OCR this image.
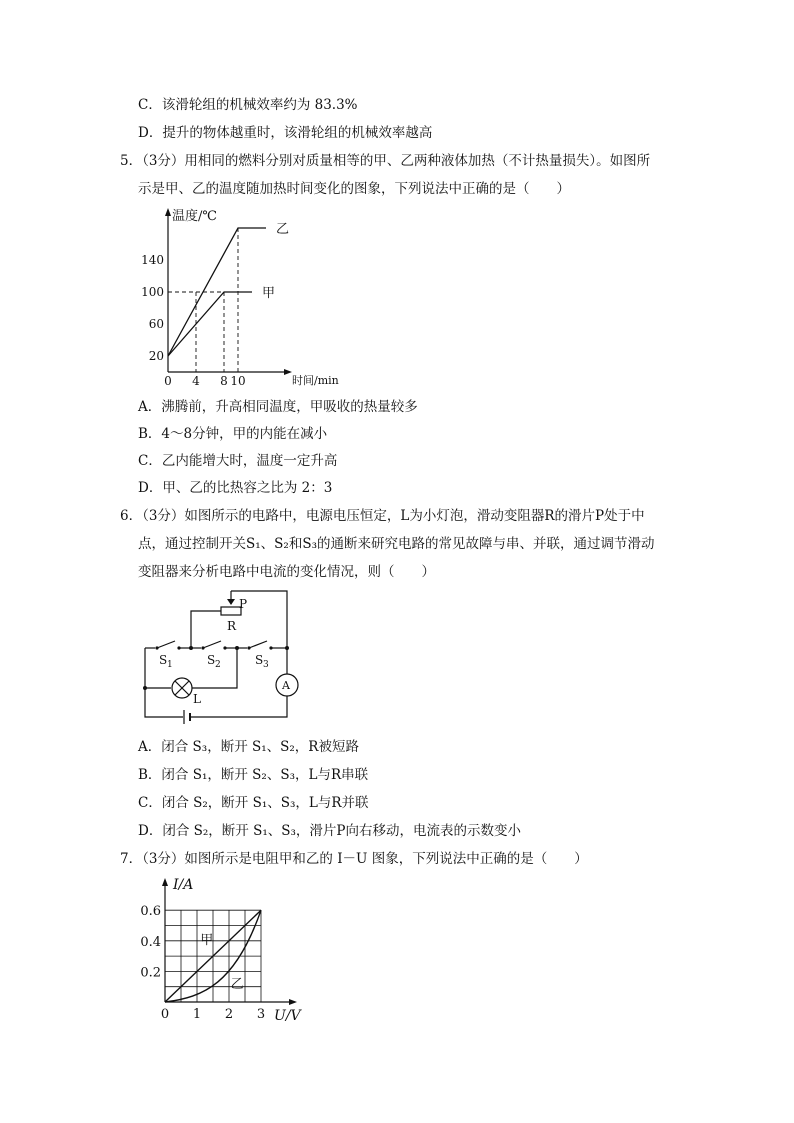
C．该滑轮组的机械效率约为 83.3%
D．提升的物体越重时，该滑轮组的机械效率越高
5．（3分）用相同的燃料分别对质量相等的甲、乙两种液体加热（不计热量损失）。如图所
示是甲、乙的温度随加热时间变化的图象，下列说法中正确的是（　　）
温度/℃
时间/min
20
60
100
140
0 4 8 10
甲
乙
A．沸腾前，升高相同温度，甲吸收的热量较多
B．4～8分钟，甲的内能在减小
C．乙内能增大时，温度一定升高
D．甲、乙的比热容之比为 2：3
6．（3分）如图所示的电路中，电源电压恒定，L为小灯泡，滑动变阻器R的滑片P处于中
点，通过控制开关S₁、S₂和S₃的通断来研究电路的常见故障与串、并联，通过调节滑动
变阻器来分析电路中电流的变化情况，则（　　）
P
R
S 1	S 2	S 3
L
A
A．闭合 S₃，断开 S₁、S₂，R被短路
B．闭合 S₁，断开 S₂、S₃，L与R串联
C．闭合 S₂，断开 S₁、S₃，L与R并联
D．闭合 S₂，断开 S₁、S₃，滑片P向右移动，电流表的示数变小
7．（3分）如图所示是电阻甲和乙的 I－U 图象，下列说法中正确的是（　　）
I/A
U/V
0.2
0.4
0.6
0 1 2 3
甲
乙
